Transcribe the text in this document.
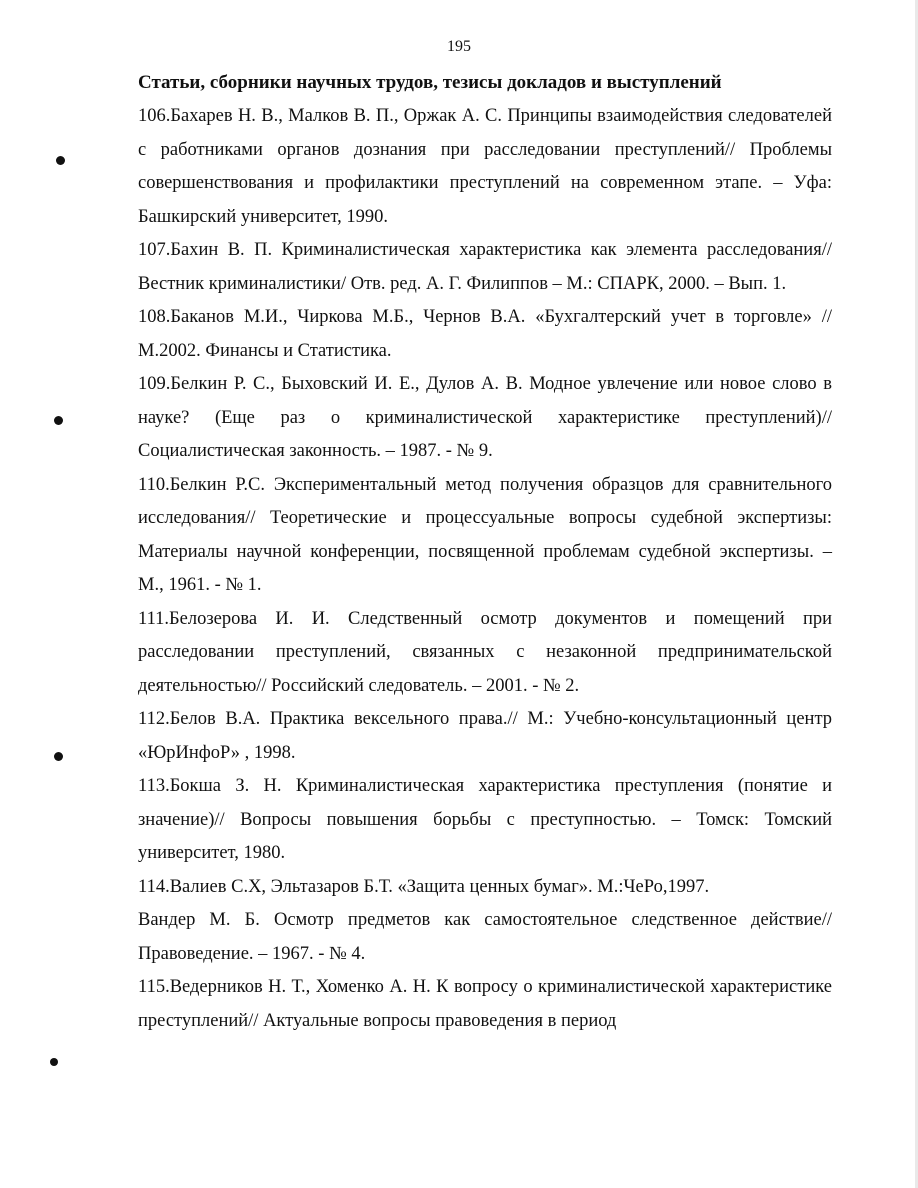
195
Статьи, сборники научных трудов, тезисы докладов и выступлений

106.Бахарев Н. В., Малков В. П., Оржак А. С. Принципы взаимодействия следователей с работниками органов дознания при расследовании преступлений// Проблемы совершенствования и профилактики преступлений на современном этапе. – Уфа: Башкирский университет, 1990.

107.Бахин В. П. Криминалистическая характеристика как элемента расследования// Вестник криминалистики/ Отв. ред. А. Г. Филиппов – М.: СПАРК, 2000. – Вып. 1.

108.Баканов М.И., Чиркова М.Б., Чернов В.А. «Бухгалтерский учет в торговле» // М.2002. Финансы и Статистика.

109.Белкин Р. С., Быховский И. Е., Дулов А. В. Модное увлечение или новое слово в науке? (Еще раз о криминалистической характеристике преступлений)// Социалистическая законность. – 1987. - № 9.

110.Белкин Р.С. Экспериментальный метод получения образцов для сравнительного исследования// Теоретические и процессуальные вопросы судебной экспертизы: Материалы научной конференции, посвященной проблемам судебной экспертизы. – М., 1961. - № 1.

111.Белозерова И. И. Следственный осмотр документов и помещений при расследовании преступлений, связанных с незаконной предпринимательской деятельностью// Российский следователь. – 2001. - № 2.

112.Белов В.А. Практика вексельного права.// М.: Учебно-консультационный центр «ЮрИнфоР» , 1998.

113.Бокша З. Н. Криминалистическая характеристика преступления (понятие и значение)// Вопросы повышения борьбы с преступностью. – Томск: Томский университет, 1980.

114.Валиев С.Х, Эльтазаров Б.Т. «Защита ценных бумаг». М.:ЧеРо,1997.

Вандер М. Б. Осмотр предметов как самостоятельное следственное действие// Правоведение. – 1967. - № 4.

115.Ведерников Н. Т., Хоменко А. Н. К вопросу о криминалистической характеристике преступлений// Актуальные вопросы правоведения в период
